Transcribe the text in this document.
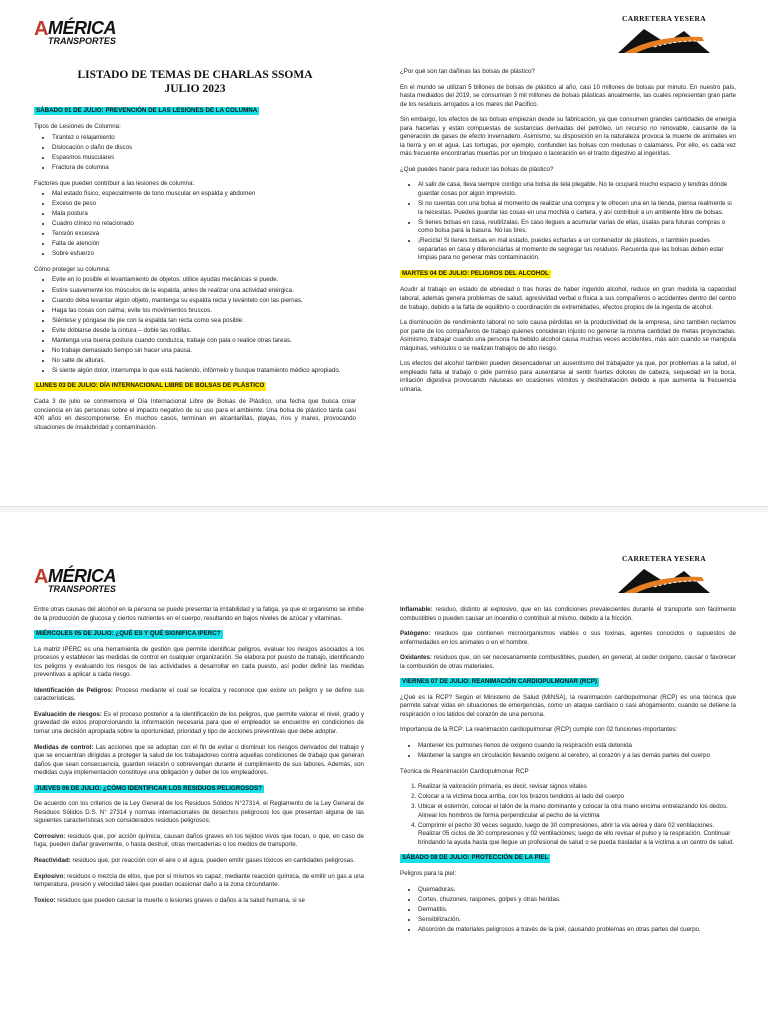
A MÉRICA
TRANSPORTES
CARRETERA YESERA
HUANCA
LISTADO DE TEMAS DE CHARLAS SSOMA
JULIO 2023
SÁBADO 01 DE JULIO: PREVENCIÓN DE LAS LESIONES DE LA COLUMNA

Tipos de Lesiones de Columna:

• Tirantez o relajamiento
• Dislocación o daño de discos
• Espasmos musculares
• Fractura de columna

Factores que pueden contribuir a las lesiones de columna:

• Mal estado físico, especialmente de tono muscular en espalda y abdomen
• Exceso de peso
• Mala postura
• Cuadro clínico no relacionado
• Tensión excesiva
• Falta de atención
• Sobre esfuerzo

Cómo proteger su columna:

• Evite en lo posible el levantamiento de objetos: utilice ayudas mecánicas si puede.
• Estire suavemente los músculos de la espalda, antes de realizar una actividad enérgica.
• Cuando deba levantar algún objeto, mantenga su espalda recta y levántelo con las piernas.
• Haga las cosas con calma; evite los movimientos bruscos.
• Siéntese y póngase de pie con la espalda tan recta como sea posible.
• Evite doblarse desde la cintura – doble las rodillas.
• Mantenga una buena postura cuando conduzca, trabaje con pala o realice otras tareas.
• No trabaje demasiado tiempo sin hacer una pausa.
• No salte de alturas.
• Si siente algún dolor, interrumpa lo que está haciendo, infórmelo y busque tratamiento médico apropiado.
LUNES 03 DE JULIO: DÍA INTERNACIONAL LIBRE DE BOLSAS DE PLÁSTICO

Cada 3 de julio se conmemora el Día Internacional Libre de Bolsas de Plástico, una fecha que busca crear conciencia en las personas sobre el impacto negativo de su uso para el ambiente. Una bolsa de plástico tarda casi 400 años en descomponerse. En muchos casos, terminan en alcantarillas, playas, ríos y mares, provocando situaciones de insalubridad y contaminación.

¿Por qué son tan dañinas las bolsas de plástico?

En el mundo se utilizan 5 billones de bolsas de plástico al año, casi 10 millones de bolsas por minuto. En nuestro país, hasta mediados del 2019, se consumían 3 mil millones de bolsas plásticas anualmente, las cuales representan gran parte de los residuos arrojados a los mares del Pacífico.

Sin embargo, los efectos de las bolsas empiezan desde su fabricación, ya que consumen grandes cantidades de energía para hacerlas y están compuestas de sustancias derivadas del petróleo, un recurso no renovable, causante de la generación de gases de efecto invernadero. Asimismo, su disposición en la naturaleza provoca la muerte de animales en la tierra y en el agua. Las tortugas, por ejemplo, confunden las bolsas con medusas o calamares. Por ello, es cada vez más frecuente encontrarlas muertas por un bloqueo o laceración en el tracto digestivo al ingerirlas.

¿Qué puedes hacer para reducir las bolsas de plástico?

• Al salir de casa, lleva siempre contigo una bolsa de tela plegable. No te ocupará mucho espacio y tendrás dónde guardar cosas por algún imprevisto.
• Si no cuentas con una bolsa al momento de realizar una compra y te ofrecen una en la tienda, piensa realmente si la necesitas. Puedes guardar las cosas en una mochila o cartera, y así contribuir a un ambiente libre de bolsas.
• Si tienes bolsas en casa, reutilízalas. En caso llegues a acumular varias de ellas, úsalas para futuras compras o como bolsa para la basura. No las tires.
• ¡Recicla! Si tienes bolsas en mal estado, puedes echarlas a un contenedor de plásticos, o también puedes separarlas en casa y diferenciarlas al momento de segregar tus residuos. Recuerda que las bolsas deben estar limpias para no generar más contaminación.
MARTES 04 DE JULIO: PELIGROS DEL ALCOHOL

Acudir al trabajo en estado de ebriedad o tras horas de haber ingerido alcohol, reduce en gran medida la capacidad laboral, además genera problemas de salud, agresividad verbal o física a sus compañeros o accidentes dentro del centro de trabajo, debido a la falta de equilibrio o coordinación de extremidades, efectos propios de la ingesta de alcohol.

La disminución de rendimiento laboral no solo causa pérdidas en la productividad de la empresa, sino también reclamos por parte de los compañeros de trabajo quienes consideran injusto no generar la misma cantidad de metas proyectadas. Asimismo, trabajar cuando una persona ha bebido alcohol causa muchas veces accidentes, más aún cuando se manipula máquinas, vehículos o se realizan trabajos de alto riesgo.

Los efectos del alcohol también pueden desencadenar un ausentismo del trabajador ya que, por problemas a la salud, el empleado falta al trabajo o pide permiso para ausentarse al sentir fuertes dolores de cabeza, sequedad en la boca, irritación digestiva provocando náuseas en ocasiones vómitos y deshidratación debido a que aumenta la frecuencia urinaria.

A MÉRICA
TRANSPORTES
CARRETERA YESERA
HUANCA

Entre otras causas del alcohol en la persona se puede presentar la irritabilidad y la fatiga, ya que el organismo se inhibe de la producción de glucosa y ciertos nutrientes en el cuerpo, resultando en bajos niveles de azúcar y vitaminas.

MIÉRCOLES 05 DE JULIO: ¿QUÉ ES Y QUÉ SIGNIFICA IPERC?

La matriz IPERC es una herramienta de gestión que permite identificar peligros, evaluar los riesgos asociados a los procesos y establecer las medidas de control en cualquier organización. Se elabora por puesto de trabajo, identificando los peligros y evaluando los riesgos de las actividades a desarrollar en cada puesto, así poder definir las medidas preventivas a aplicar a cada riesgo.

Identificación de Peligros: Proceso mediante el cual se localiza y reconoce que existe un peligro y se define sus características.

Evaluación de riesgos: Es el proceso posterior a la identificación de los peligros, que permite valorar el nivel, grado y gravedad de estos proporcionando la información necesaria para que el empleador se encuentre en condiciones de tomar una decisión apropiada sobre la oportunidad, prioridad y tipo de acciones preventivas que debe adoptar.

Medidas de control: Las acciones que se adoptan con el fin de evitar o disminuir los riesgos derivados del trabajo y que se encuentran dirigidas a proteger la salud de los trabajadores contra aquellas condiciones de trabajo que generan daños que sean consecuencia, guarden relación o sobrevengan durante el cumplimiento de sus labores. Además, son medidas cuya implementación constituye una obligación y deber de los empleadores.

JUEVES 06 DE JULIO: ¿CÓMO IDENTIFICAR LOS RESIDUOS PELIGROSOS?

De acuerdo con los criterios de la Ley General de los Residuos Sólidos N°27314, el Reglamento de la Ley General de Residuos Sólidos D.S. N° 27314 y normas internacionales de desechos peligrosos los que presentan alguna de las siguientes características son considerados residuos peligrosos:

Corrosivo: residuos que, por acción química, causan daños graves en los tejidos vivos que tocan, o que, en caso de fuga, pueden dañar gravemente, o hasta destruir, otras mercaderías o los medios de transporte.

Reactividad: residuos que, por reacción con el aire o el agua, pueden emitir gases tóxicos en cantidades peligrosas.

Explosivo: residuos o mezcla de ellos, que por sí mismos es capaz, mediante reacción química, de emitir un gas a una temperatura, presión y velocidad tales que puedan ocasionar daño a la zona circundante.

Toxico: residuos que pueden causar la muerte o lesiones graves o daños a la salud humana, si se

Inflamable: residuo, distinto al explosivo, que en las condiciones prevalecientes durante el transporte son fácilmente combustibles o pueden causar un incendio o contribuir al mismo, debido a la fricción.

Patógeno: residuos que contienen microorganismos viables o sus toxinas, agentes conocidos o supuestos de enfermedades en los animales o en el hombre.

Oxidantes: residuos que, sin ser necesariamente combustibles, pueden, en general, al ceder oxígeno, causar o favorecer la combustión de otras materiales.

VIERNES 07 DE JULIO: REANIMACIÓN CARDIOPULMONAR (RCP)

¿Qué es la RCP? Según el Ministerio de Salud (MINSA), la reanimación cardiopulmonar (RCP) es una técnica que permite salvar vidas en situaciones de emergencias, como un ataque cardiaco o casi ahogamiento, cuando se detiene la respiración o los latidos del corazón de una persona.

Importancia de la RCP: La reanimación cardiopulmonar (RCP) cumple con 02 funciones importantes:

• Mantener los pulmones llenos de oxígeno cuando la respiración está detenida
• Mantener la sangre en circulación llevando oxígeno al cerebro, al corazón y a las demás partes del cuerpo

Técnica de Reanimación Cardiopulmonar RCP

1. Realizar la valoración primaria, es decir, revisar signos vitales
2. Colocar a la víctima boca arriba, con los brazos tendidos al lado del cuerpo
3. Ubicar el esternón, colocar el talón de la mano dominante y colocar la otra mano encima entrelazando los dedos. Alinear los hombros de forma perpendicular al pecho de la víctima
4. Comprimir el pecho 30 veces seguido, luego de 30 compresiones, abrir la vía aérea y dare 02 ventilaciones. Realizar 05 ciclos de 30 compresiones y 02 ventilaciones; luego de ello revisar el pulso y la respiración. Continuar brindando la ayuda hasta que llegue un profesional de salud o se pueda trasladar a la víctima a un centro de salud.
SÁBADO 08 DE JULIO: PROTECCIÓN DE LA PIEL

Peligros para la piel:

• Quemaduras.
• Cortes, chuzones, raspones, golpes y otras heridas.
• Dermatitis.
• Sensibilización.
• Absorción de materiales peligrosos a través de la piel, causando problemas en otras partes del cuerpo.
